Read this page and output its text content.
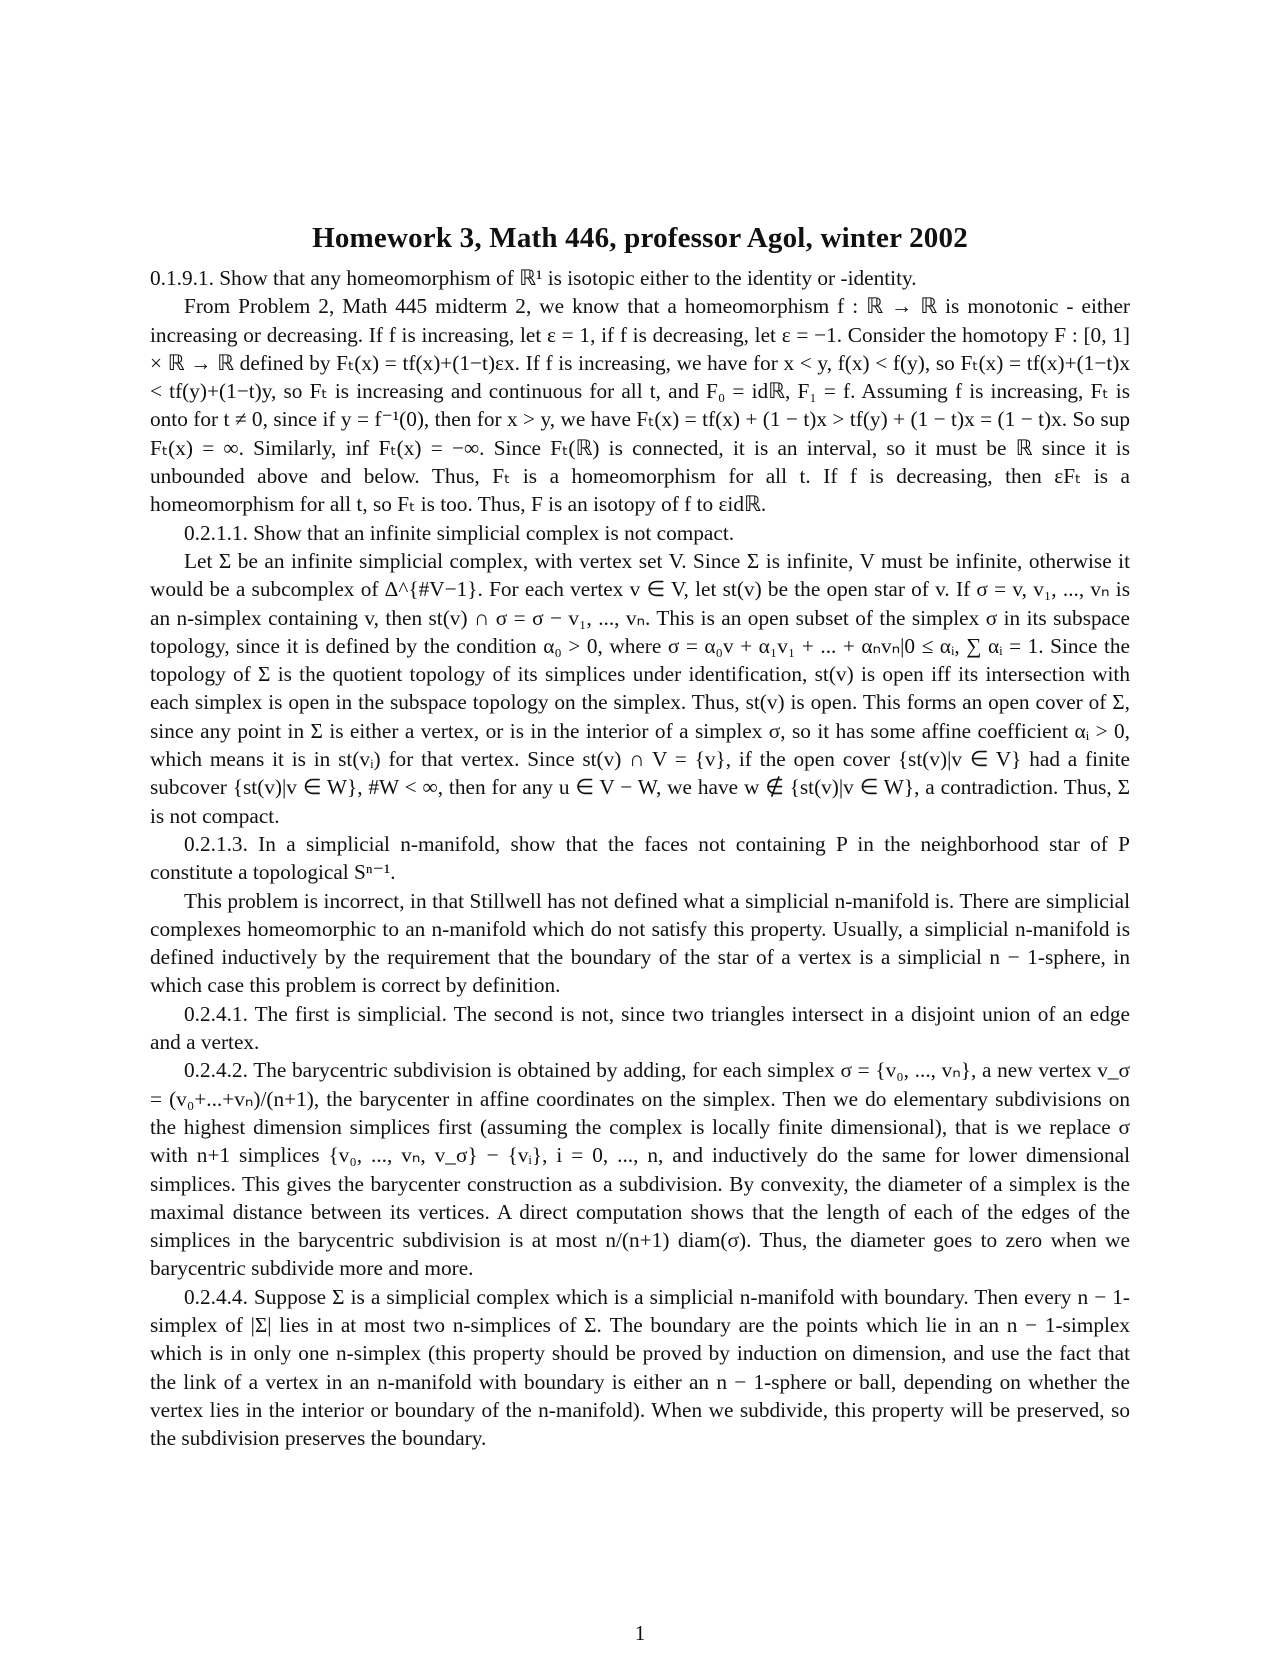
Homework 3, Math 446, professor Agol, winter 2002

0.1.9.1. Show that any homeomorphism of ℝ¹ is isotopic either to the identity or -identity.

From Problem 2, Math 445 midterm 2, we know that a homeomorphism f : ℝ → ℝ is monotonic - either increasing or decreasing. If f is increasing, let ε = 1, if f is decreasing, let ε = −1. Consider the homotopy F : [0, 1] × ℝ → ℝ defined by Fₜ(x) = tf(x)+(1−t)εx. If f is increasing, we have for x < y, f(x) < f(y), so Fₜ(x) = tf(x)+(1−t)x < tf(y)+(1−t)y, so Fₜ is increasing and continuous for all t, and F₀ = idℝ, F₁ = f. Assuming f is increasing, Fₜ is onto for t ≠ 0, since if y = f⁻¹(0), then for x > y, we have Fₜ(x) = tf(x) + (1 − t)x > tf(y) + (1 − t)x = (1 − t)x. So sup Fₜ(x) = ∞. Similarly, inf Fₜ(x) = −∞. Since Fₜ(ℝ) is connected, it is an interval, so it must be ℝ since it is unbounded above and below. Thus, Fₜ is a homeomorphism for all t. If f is decreasing, then εFₜ is a homeomorphism for all t, so Fₜ is too. Thus, F is an isotopy of f to εidℝ.

0.2.1.1. Show that an infinite simplicial complex is not compact.

Let Σ be an infinite simplicial complex, with vertex set V. Since Σ is infinite, V must be infinite, otherwise it would be a subcomplex of Δ^{#V−1}. For each vertex v ∈ V, let st(v) be the open star of v. If σ = v, v₁, ..., vₙ is an n-simplex containing v, then st(v) ∩ σ = σ − v₁, ..., vₙ. This is an open subset of the simplex σ in its subspace topology, since it is defined by the condition α₀ > 0, where σ = α₀v + α₁v₁ + ... + αₙvₙ|0 ≤ αᵢ, ∑ αᵢ = 1. Since the topology of Σ is the quotient topology of its simplices under identification, st(v) is open iff its intersection with each simplex is open in the subspace topology on the simplex. Thus, st(v) is open. This forms an open cover of Σ, since any point in Σ is either a vertex, or is in the interior of a simplex σ, so it has some affine coefficient αᵢ > 0, which means it is in st(vᵢ) for that vertex. Since st(v) ∩ V = {v}, if the open cover {st(v)|v ∈ V} had a finite subcover {st(v)|v ∈ W}, #W < ∞, then for any u ∈ V − W, we have w ∉ {st(v)|v ∈ W}, a contradiction. Thus, Σ is not compact.

0.2.1.3. In a simplicial n-manifold, show that the faces not containing P in the neighborhood star of P constitute a topological Sⁿ⁻¹.

This problem is incorrect, in that Stillwell has not defined what a simplicial n-manifold is. There are simplicial complexes homeomorphic to an n-manifold which do not satisfy this property. Usually, a simplicial n-manifold is defined inductively by the requirement that the boundary of the star of a vertex is a simplicial n − 1-sphere, in which case this problem is correct by definition.

0.2.4.1. The first is simplicial. The second is not, since two triangles intersect in a disjoint union of an edge and a vertex.

0.2.4.2. The barycentric subdivision is obtained by adding, for each simplex σ = {v₀, ..., vₙ}, a new vertex v_σ = (v₀+...+vₙ)/(n+1), the barycenter in affine coordinates on the simplex. Then we do elementary subdivisions on the highest dimension simplices first (assuming the complex is locally finite dimensional), that is we replace σ with n+1 simplices {v₀, ..., vₙ, v_σ} − {vᵢ}, i = 0, ..., n, and inductively do the same for lower dimensional simplices. This gives the barycenter construction as a subdivision. By convexity, the diameter of a simplex is the maximal distance between its vertices. A direct computation shows that the length of each of the edges of the simplices in the barycentric subdivision is at most n/(n+1) diam(σ). Thus, the diameter goes to zero when we barycentric subdivide more and more.

0.2.4.4. Suppose Σ is a simplicial complex which is a simplicial n-manifold with boundary. Then every n − 1-simplex of |Σ| lies in at most two n-simplices of Σ. The boundary are the points which lie in an n − 1-simplex which is in only one n-simplex (this property should be proved by induction on dimension, and use the fact that the link of a vertex in an n-manifold with boundary is either an n − 1-sphere or ball, depending on whether the vertex lies in the interior or boundary of the n-manifold). When we subdivide, this property will be preserved, so the subdivision preserves the boundary.

1
